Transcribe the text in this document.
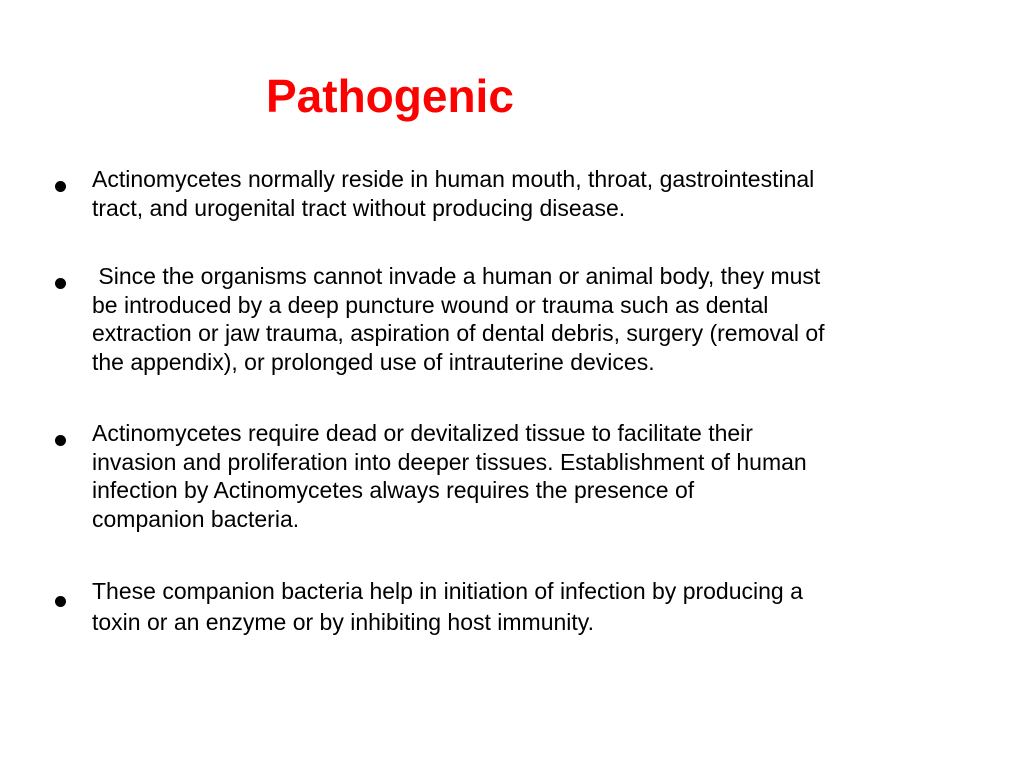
Pathogenic
Actinomycetes normally reside in human mouth, throat, gastrointestinal
tract, and urogenital tract without producing disease.
Since the organisms cannot invade a human or animal body, they must
be introduced by a deep puncture wound or trauma such as dental
extraction or jaw trauma, aspiration of dental debris, surgery (removal of
the appendix), or prolonged use of intrauterine devices.
Actinomycetes require dead or devitalized tissue to facilitate their
invasion and proliferation into deeper tissues. Establishment of human
infection by Actinomycetes always requires the presence of
companion bacteria.
These companion bacteria help in initiation of infection by producing a
toxin or an enzyme or by inhibiting host immunity.
